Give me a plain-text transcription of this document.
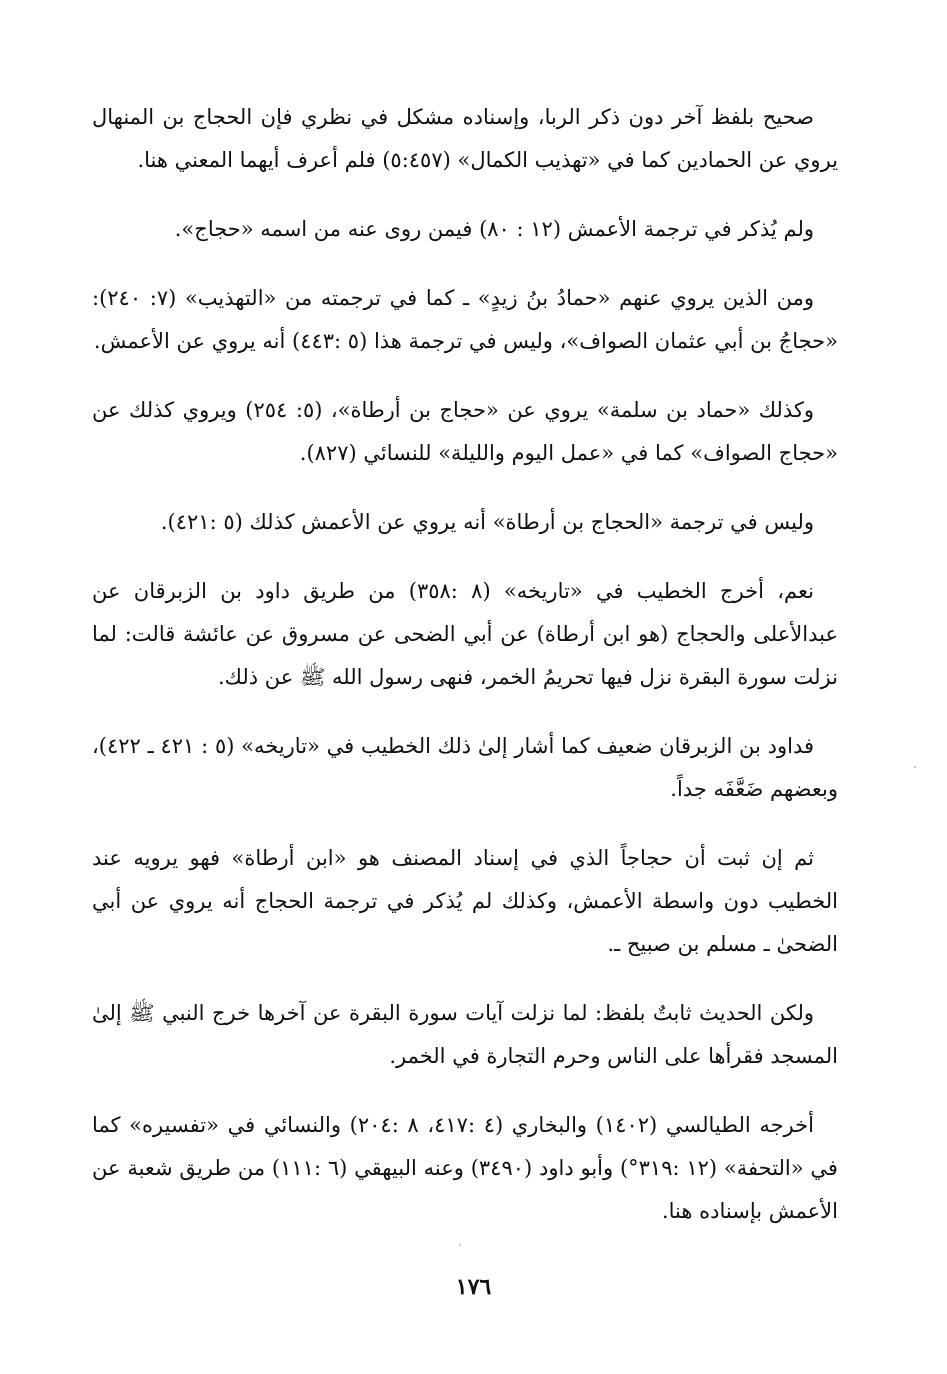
صحيح بلفظ آخر دون ذكر الربا، وإسناده مشكل في نظري فإن الحجاج بن المنهال يروي عن الحمادين كما في «تهذيب الكمال» (٥:٤٥٧) فلم أعرف أيهما المعني هنا.

ولم يُذكر في ترجمة الأعمش (١٢ : ٨٠) فيمن روى عنه من اسمه «حجاج».

ومن الذين يروي عنهم «حمادُ بنُ زيدٍ» ـ كما في ترجمته من «التهذيب» (٧: ٢٤٠): «حجاجُ بن أبي عثمان الصواف»، وليس في ترجمة هذا (٥ :٤٤٣) أنه يروي عن الأعمش.

وكذلك «حماد بن سلمة» يروي عن «حجاج بن أرطاة»، (٥: ٢٥٤) ويروي كذلك عن «حجاج الصواف» كما في «عمل اليوم والليلة» للنسائي (٨٢٧).

وليس في ترجمة «الحجاج بن أرطاة» أنه يروي عن الأعمش كذلك (٥ :٤٢١).

نعم، أخرج الخطيب في «تاريخه» (٨ :٣٥٨) من طريق داود بن الزبرقان عن عبدالأعلى والحجاج (هو ابن أرطاة) عن أبي الضحى عن مسروق عن عائشة قالت: لما نزلت سورة البقرة نزل فيها تحريمُ الخمر، فنهى رسول الله ﷺ عن ذلك.

فداود بن الزبرقان ضعيف كما أشار إلىٰ ذلك الخطيب في «تاريخه» (٥ : ٤٢١ ـ ٤٢٢)، وبعضهم ضَعَّفَه جداً.

ثم إن ثبت أن حجاجاً الذي في إسناد المصنف هو «ابن أرطاة» فهو يرويه عند الخطيب دون واسطة الأعمش، وكذلك لم يُذكر في ترجمة الحجاج أنه يروي عن أبي الضحىٰ ـ مسلم بن صبيح ـ.

ولكن الحديث ثابتٌ بلفظ: لما نزلت آيات سورة البقرة عن آخرها خرج النبي ﷺ إلىٰ المسجد فقرأها على الناس وحرم التجارة في الخمر.

أخرجه الطيالسي (١٤٠٢) والبخاري (٤ :٤١٧، ٨ :٢٠٤) والنسائي في «تفسيره» كما في «التحفة» (١٢ :٣١٩°) وأبو داود (٣٤٩٠) وعنه البيهقي (٦ :١١١) من طريق شعبة عن الأعمش بإسناده هنا.

١٧٦
